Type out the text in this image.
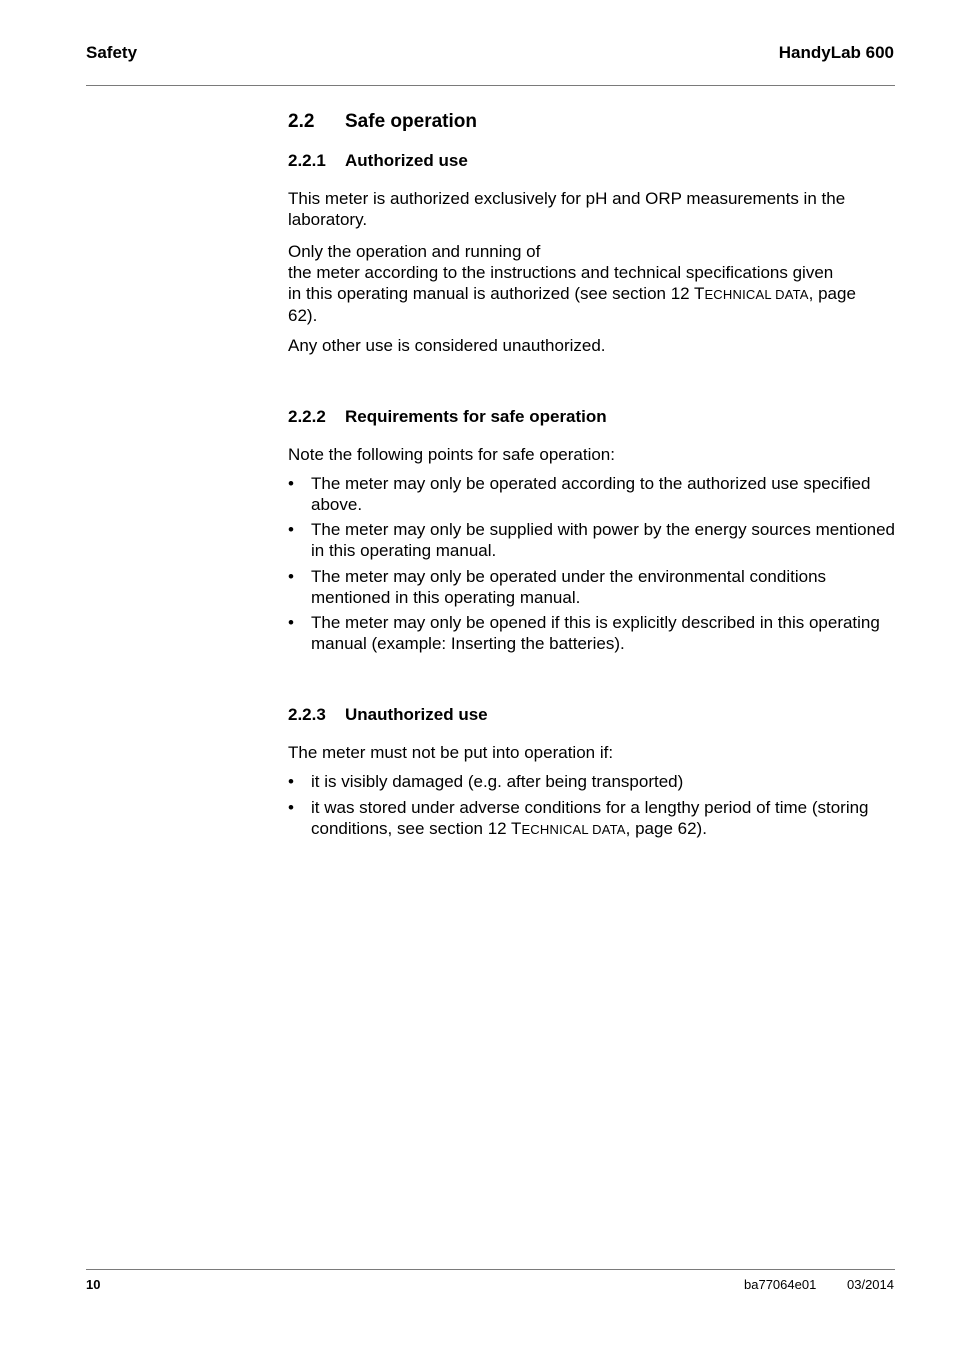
Safety	HandyLab 600
2.2 Safe operation
2.2.1 Authorized use
This meter is authorized exclusively for pH and ORP measurements in the laboratory.
Only the operation and running of
the meter according to the instructions and technical specifications given
in this operating manual is authorized (see section 12 TECHNICAL DATA, page
62).
Any other use is considered unauthorized.
2.2.2 Requirements for safe operation
Note the following points for safe operation:
• The meter may only be operated according to the authorized use specified above.
• The meter may only be supplied with power by the energy sources mentioned in this operating manual.
• The meter may only be operated under the environmental conditions mentioned in this operating manual.
• The meter may only be opened if this is explicitly described in this operating manual (example: Inserting the batteries).
2.2.3 Unauthorized use
The meter must not be put into operation if:
• it is visibly damaged (e.g. after being transported)
• it was stored under adverse conditions for a lengthy period of time (storing conditions, see section 12 TECHNICAL DATA, page 62).
10	ba77064e01 03/2014
